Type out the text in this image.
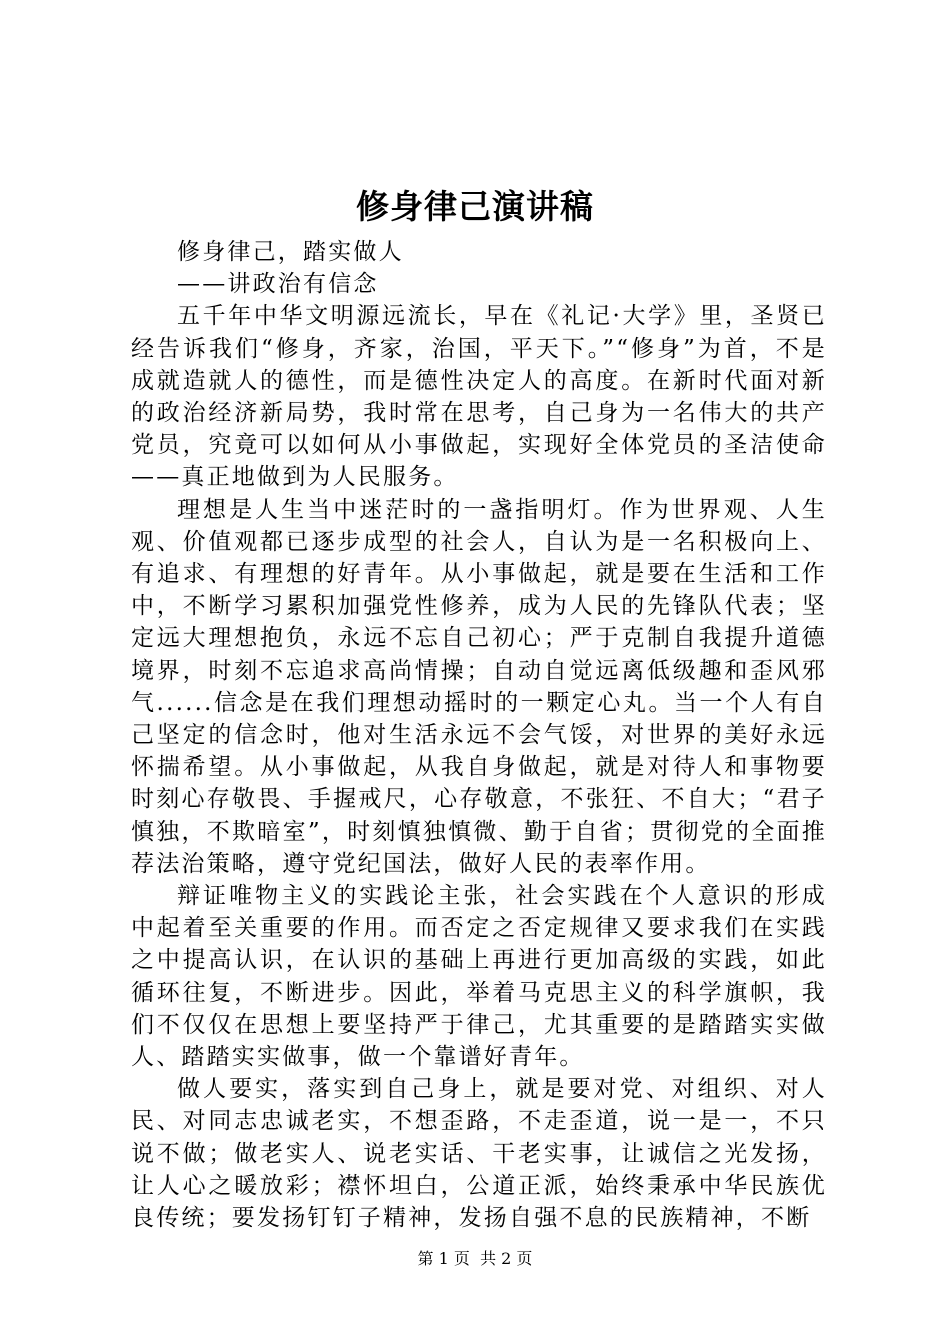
修身律己演讲稿

修身律己，踏实做人

——讲政治有信念

五千年中华文明源远流长，早在《礼记·大学》里，圣贤已经告诉我们“修身，齐家，治国，平天下。”“修身”为首，不是成就造就人的德性，而是德性决定人的高度。在新时代面对新的政治经济新局势，我时常在思考，自己身为一名伟大的共产党员，究竟可以如何从小事做起，实现好全体党员的圣洁使命——真正地做到为人民服务。

理想是人生当中迷茫时的一盏指明灯。作为世界观、人生观、价值观都已逐步成型的社会人，自认为是一名积极向上、有追求、有理想的好青年。从小事做起，就是要在生活和工作中，不断学习累积加强党性修养，成为人民的先锋队代表；坚定远大理想抱负，永远不忘自己初心；严于克制自我提升道德境界，时刻不忘追求高尚情操；自动自觉远离低级趣和歪风邪气......信念是在我们理想动摇时的一颗定心丸。当一个人有自己坚定的信念时，他对生活永远不会气馁，对世界的美好永远怀揣希望。从小事做起，从我自身做起，就是对待人和事物要时刻心存敬畏、手握戒尺，心存敬意，不张狂、不自大；“君子慎独，不欺暗室”，时刻慎独慎微、勤于自省；贯彻党的全面推荐法治策略，遵守党纪国法，做好人民的表率作用。

辩证唯物主义的实践论主张，社会实践在个人意识的形成中起着至关重要的作用。而否定之否定规律又要求我们在实践之中提高认识，在认识的基础上再进行更加高级的实践，如此循环往复，不断进步。因此，举着马克思主义的科学旗帜，我们不仅仅在思想上要坚持严于律己，尤其重要的是踏踏实实做人、踏踏实实做事，做一个靠谱好青年。

做人要实，落实到自己身上，就是要对党、对组织、对人民、对同志忠诚老实，不想歪路，不走歪道，说一是一，不只说不做；做老实人、说老实话、干老实事，让诚信之光发扬，让人心之暖放彩；襟怀坦白，公道正派，始终秉承中华民族优良传统；要发扬钉钉子精神，发扬自强不息的民族精神，不断

第 1 页  共 2 页
